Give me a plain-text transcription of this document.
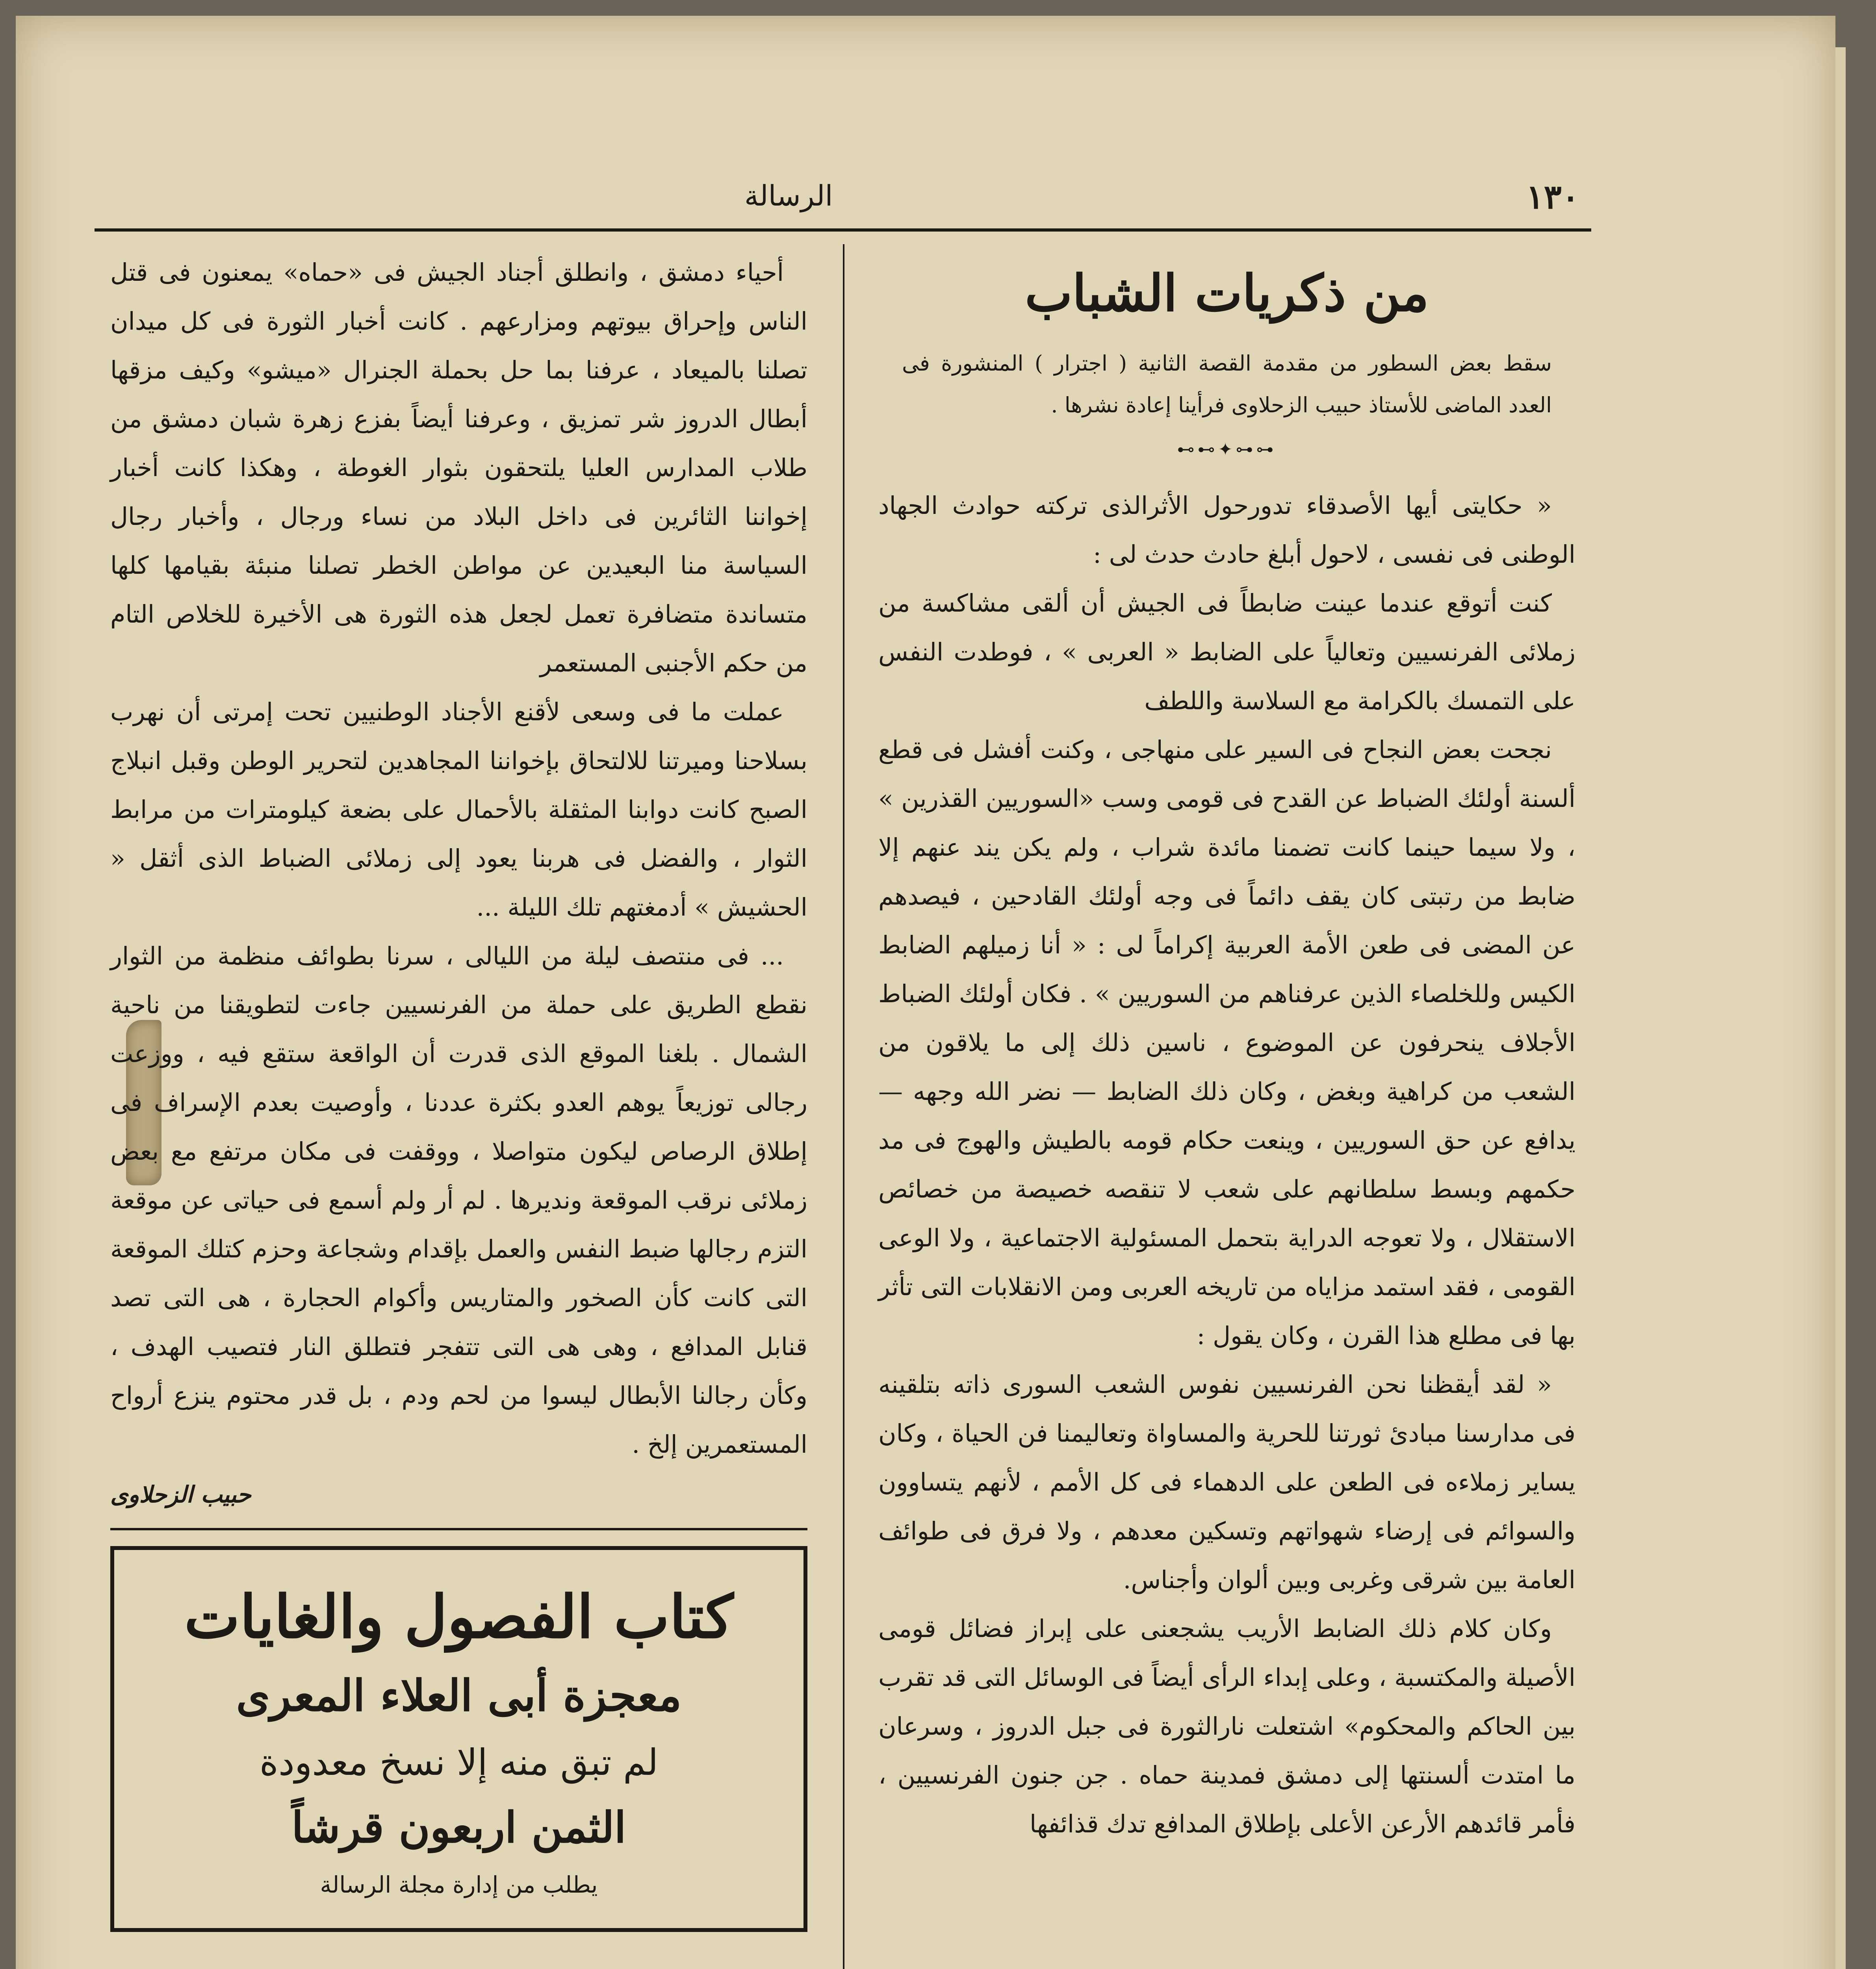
١٣٠
الرسالة
من ذكريات الشباب

سقط بعض السطور من مقدمة القصة الثانية ( اجترار ) المنشورة فى العدد الماضى للأستاذ حبيب الزحلاوى فرأينا إعادة نشرها .

⊷⊷✦⊶⊶

« حكايتى أيها الأصدقاء تدورحول الأثرالذى تركته حوادث الجهاد الوطنى فى نفسى ، لاحول أبلغ حادث حدث لى :

كنت أتوقع عندما عينت ضابطاً فى الجيش أن ألقى مشاكسة من زملائى الفرنسيين وتعالياً على الضابط « العربى » ، فوطدت النفس على التمسك بالكرامة مع السلاسة واللطف

نجحت بعض النجاح فى السير على منهاجى ، وكنت أفشل فى قطع ألسنة أولئك الضباط عن القدح فى قومى وسب «السوريين القذرين » ، ولا سيما حينما كانت تضمنا مائدة شراب ، ولم يكن يند عنهم إلا ضابط من رتبتى كان يقف دائماً فى وجه أولئك القادحين ، فيصدهم عن المضى فى طعن الأمة العربية إكراماً لى : « أنا زميلهم الضابط الكيس وللخلصاء الذين عرفناهم من السوريين » . فكان أولئك الضباط الأجلاف ينحرفون عن الموضوع ، ناسين ذلك إلى ما يلاقون من الشعب من كراهية وبغض ، وكان ذلك الضابط — نضر الله وجهه — يدافع عن حق السوريين ، وينعت حكام قومه بالطيش والهوج فى مد حكمهم وبسط سلطانهم على شعب لا تنقصه خصيصة من خصائص الاستقلال ، ولا تعوجه الدراية بتحمل المسئولية الاجتماعية ، ولا الوعى القومى ، فقد استمد مزاياه من تاريخه العربى ومن الانقلابات التى تأثر بها فى مطلع هذا القرن ، وكان يقول :

« لقد أيقظنا نحن الفرنسيين نفوس الشعب السورى ذاته بتلقينه فى مدارسنا مبادئ ثورتنا للحرية والمساواة وتعاليمنا فن الحياة ، وكان يساير زملاءه فى الطعن على الدهماء فى كل الأمم ، لأنهم يتساوون والسوائم فى إرضاء شهواتهم وتسكين معدهم ، ولا فرق فى طوائف العامة بين شرقى وغربى وبين ألوان وأجناس.

وكان كلام ذلك الضابط الأريب يشجعنى على إبراز فضائل قومى الأصيلة والمكتسبة ، وعلى إبداء الرأى أيضاً فى الوسائل التى قد تقرب بين الحاكم والمحكوم» اشتعلت نارالثورة فى جبل الدروز ، وسرعان ما امتدت ألسنتها إلى دمشق فمدينة حماه . جن جنون الفرنسيين ، فأمر قائدهم الأرعن الأعلى بإطلاق المدافع تدك قذائفها

أحياء دمشق ، وانطلق أجناد الجيش فى «حماه» يمعنون فى قتل الناس وإحراق بيوتهم ومزارعهم . كانت أخبار الثورة فى كل ميدان تصلنا بالميعاد ، عرفنا بما حل بحملة الجنرال «ميشو» وكيف مزقها أبطال الدروز شر تمزيق ، وعرفنا أيضاً بفزع زهرة شبان دمشق من طلاب المدارس العليا يلتحقون بثوار الغوطة ، وهكذا كانت أخبار إخواننا الثائرين فى داخل البلاد من نساء ورجال ، وأخبار رجال السياسة منا البعيدين عن مواطن الخطر تصلنا منبئة بقيامها كلها متساندة متضافرة تعمل لجعل هذه الثورة هى الأخيرة للخلاص التام من حكم الأجنبى المستعمر

عملت ما فى وسعى لأقنع الأجناد الوطنيين تحت إمرتى أن نهرب بسلاحنا وميرتنا للالتحاق بإخواننا المجاهدين لتحرير الوطن وقبل انبلاج الصبح كانت دوابنا المثقلة بالأحمال على بضعة كيلومترات من مرابط الثوار ، والفضل فى هربنا يعود إلى زملائى الضباط الذى أثقل « الحشيش » أدمغتهم تلك الليلة ...

... فى منتصف ليلة من الليالى ، سرنا بطوائف منظمة من الثوار نقطع الطريق على حملة من الفرنسيين جاءت لتطويقنا من ناحية الشمال . بلغنا الموقع الذى قدرت أن الواقعة ستقع فيه ، ووزعت رجالى توزيعاً يوهم العدو بكثرة عددنا ، وأوصيت بعدم الإسراف فى إطلاق الرصاص ليكون متواصلا ، ووقفت فى مكان مرتفع مع بعض زملائى نرقب الموقعة ونديرها . لم أر ولم أسمع فى حياتى عن موقعة التزم رجالها ضبط النفس والعمل بإقدام وشجاعة وحزم كتلك الموقعة التى كانت كأن الصخور والمتاريس وأكوام الحجارة ، هى التى تصد قنابل المدافع ، وهى هى التى تتفجر فتطلق النار فتصيب الهدف ، وكأن رجالنا الأبطال ليسوا من لحم ودم ، بل قدر محتوم ينزع أرواح المستعمرين إلخ .

حبيب الزحلاوى
كتاب الفصول والغايات
معجزة أبى العلاء المعرى
لم تبق منه إلا نسخ معدودة
الثمن اربعون قرشاً
يطلب من إدارة مجلة الرسالة
